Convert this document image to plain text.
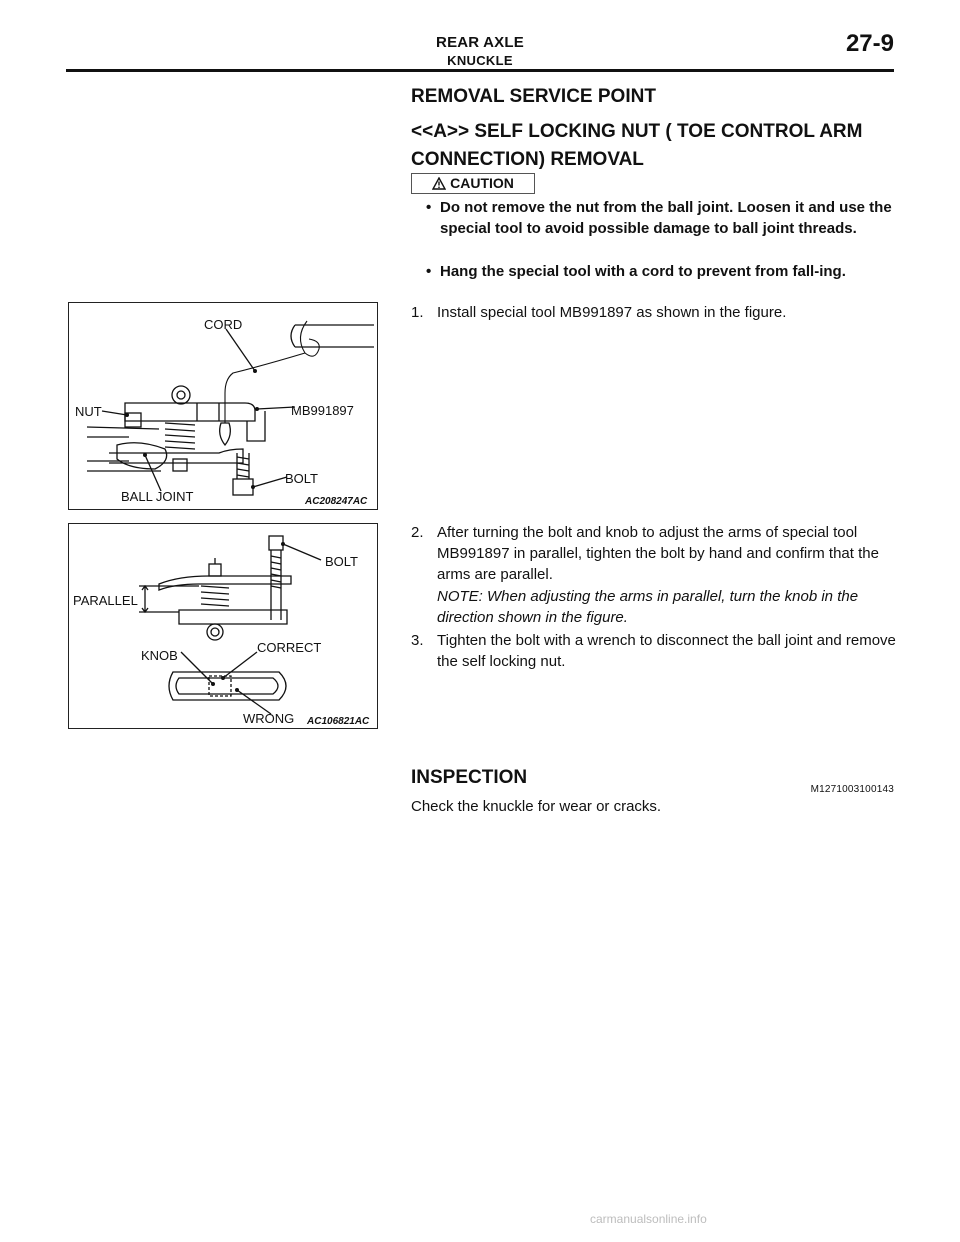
REAR AXLE
KNUCKLE
27-9
REMOVAL SERVICE POINT
<<A>> SELF LOCKING NUT ( TOE CONTROL ARM CONNECTION) REMOVAL
CAUTION
• Do not remove the nut from the ball joint. Loosen it and use the special tool to avoid possible damage to ball joint threads.
• Hang the special tool with a cord to prevent from fall-ing.
1. Install special tool MB991897 as shown in the figure.
2. After turning the bolt and knob to adjust the arms of special tool MB991897 in parallel, tighten the bolt by hand and confirm that the arms are parallel.
NOTE: When adjusting the arms in parallel, turn the knob in the direction shown in the figure.
3. Tighten the bolt with a wrench to disconnect the ball joint and remove the self locking nut.
CORD
NUT	MB991897
BOLT
BALL JOINT	AC208247AC
BOLT
PARALLEL
KNOB
CORRECT
WRONG AC106821AC
INSPECTION
M1271003100143
Check the knuckle for wear or cracks.
carmanualsonline.info
